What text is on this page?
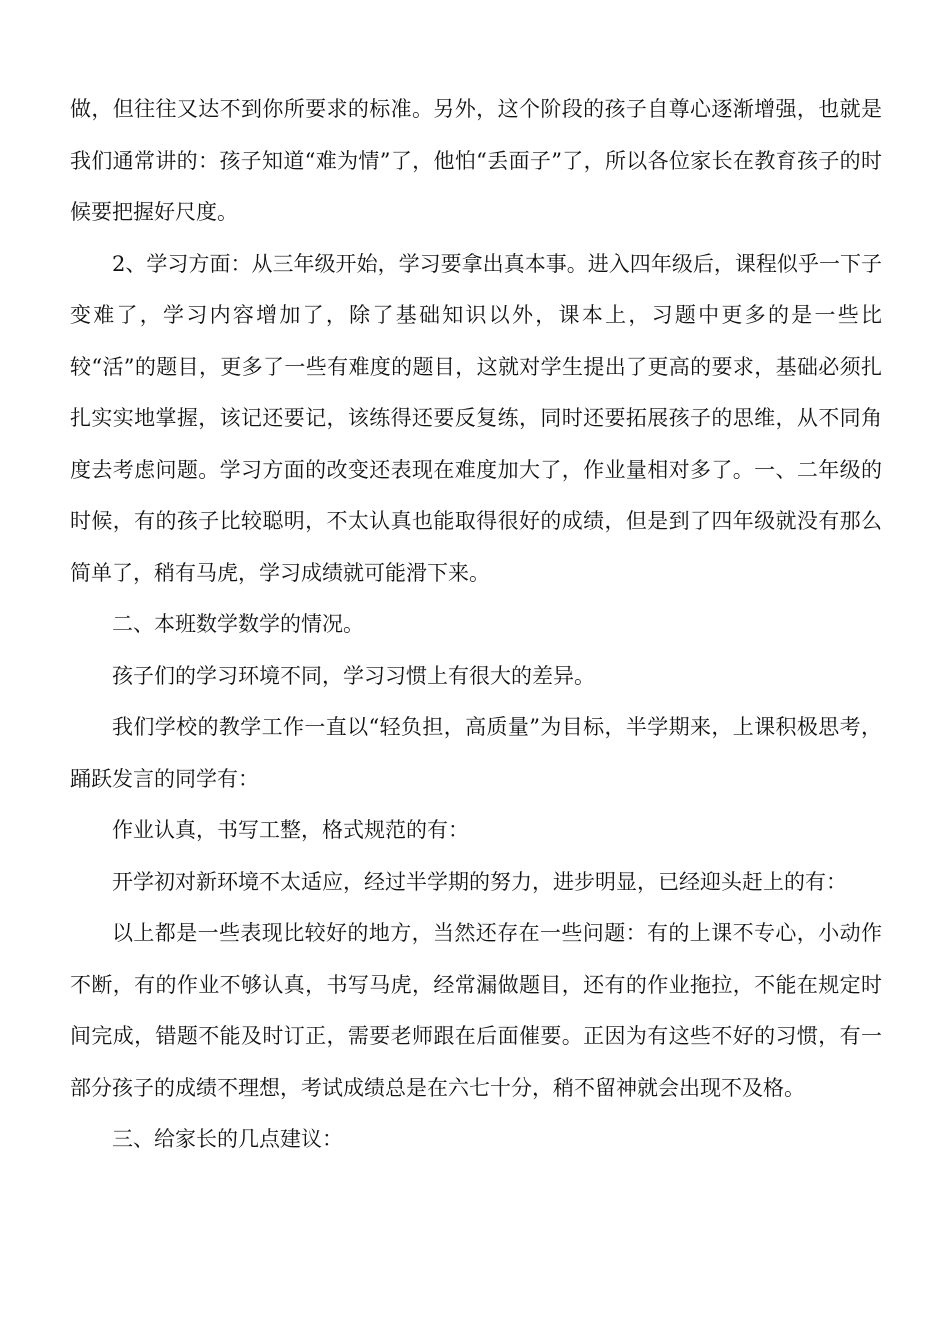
做，但往往又达不到你所要求的标准。另外，这个阶段的孩子自尊心逐渐增强，也就是我们通常讲的：孩子知道“难为情”了，他怕“丢面子”了，所以各位家长在教育孩子的时候要把握好尺度。

2、学习方面：从三年级开始，学习要拿出真本事。进入四年级后，课程似乎一下子变难了，学习内容增加了，除了基础知识以外，课本上，习题中更多的是一些比较“活”的题目，更多了一些有难度的题目，这就对学生提出了更高的要求，基础必须扎扎实实地掌握，该记还要记，该练得还要反复练，同时还要拓展孩子的思维，从不同角度去考虑问题。学习方面的改变还表现在难度加大了，作业量相对多了。一、二年级的时候，有的孩子比较聪明，不太认真也能取得很好的成绩，但是到了四年级就没有那么简单了，稍有马虎，学习成绩就可能滑下来。

二、本班数学数学的情况。

孩子们的学习环境不同，学习习惯上有很大的差异。

我们学校的教学工作一直以“轻负担，高质量”为目标，半学期来，上课积极思考，踊跃发言的同学有：

作业认真，书写工整，格式规范的有：

开学初对新环境不太适应，经过半学期的努力，进步明显，已经迎头赶上的有：

以上都是一些表现比较好的地方，当然还存在一些问题：有的上课不专心，小动作不断，有的作业不够认真，书写马虎，经常漏做题目，还有的作业拖拉，不能在规定时间完成，错题不能及时订正，需要老师跟在后面催要。正因为有这些不好的习惯，有一部分孩子的成绩不理想，考试成绩总是在六七十分，稍不留神就会出现不及格。

三、给家长的几点建议：
